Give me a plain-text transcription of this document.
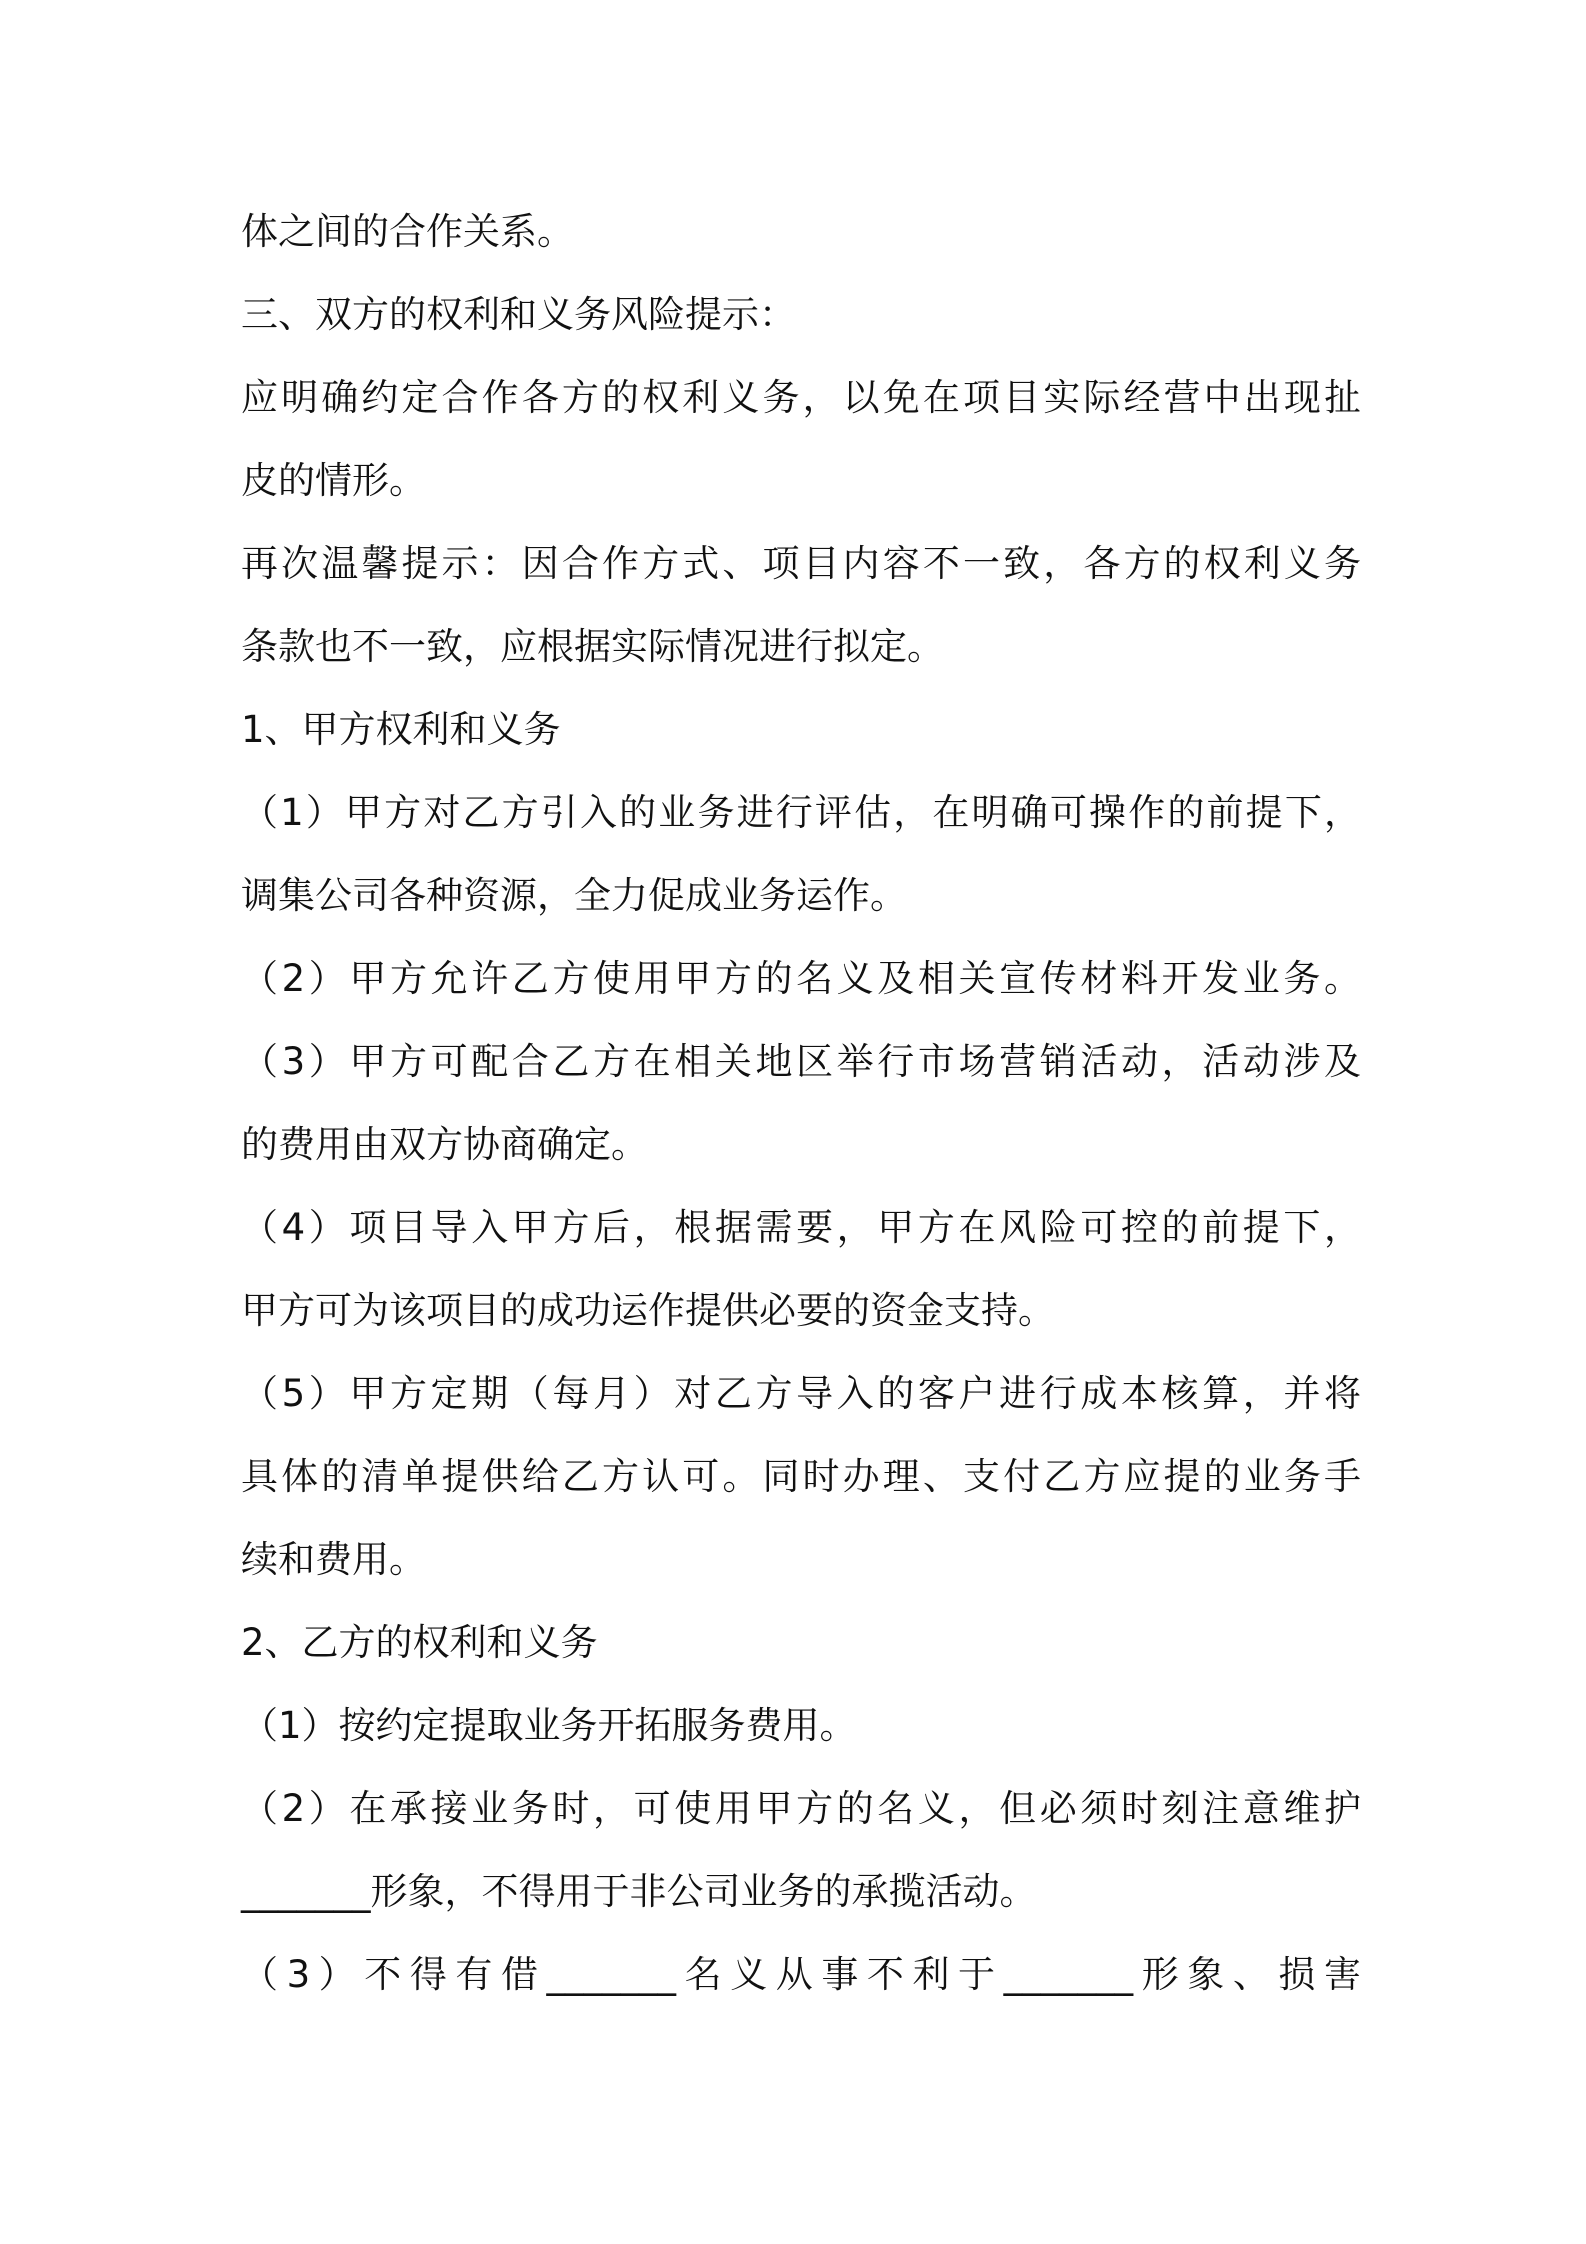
体之间的合作关系。
三、双方的权利和义务风险提示：
应明确约定合作各方的权利义务，以免在项目实际经营中出现扯
皮的情形。
再次温馨提示：因合作方式、项目内容不一致，各方的权利义务
条款也不一致，应根据实际情况进行拟定。
1、甲方权利和义务
（1）甲方对乙方引入的业务进行评估，在明确可操作的前提下，
调集公司各种资源，全力促成业务运作。
（2）甲方允许乙方使用甲方的名义及相关宣传材料开发业务。
（3）甲方可配合乙方在相关地区举行市场营销活动，活动涉及
的费用由双方协商确定。
（4）项目导入甲方后，根据需要，甲方在风险可控的前提下，
甲方可为该项目的成功运作提供必要的资金支持。
（5）甲方定期（每月）对乙方导入的客户进行成本核算，并将
具体的清单提供给乙方认可。同时办理、支付乙方应提的业务手
续和费用。
2、乙方的权利和义务
（1）按约定提取业务开拓服务费用。
（2）在承接业务时，可使用甲方的名义，但必须时刻注意维护
_______形象，不得用于非公司业务的承揽活动。
（3）不得有借_______名义从事不利于_______形象、损害
